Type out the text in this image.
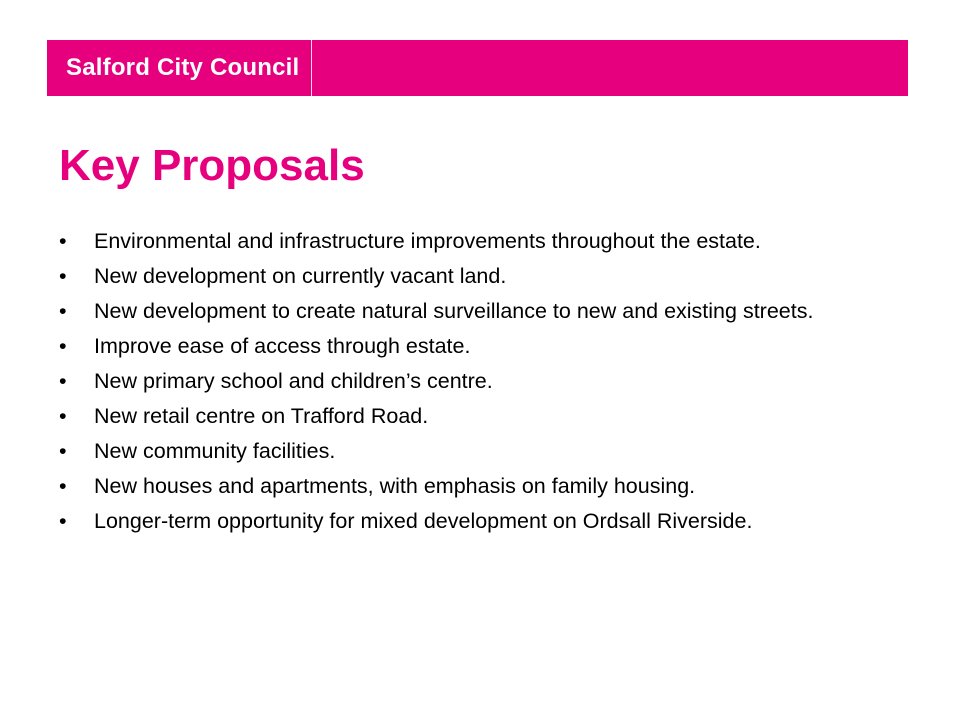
Salford City Council
Key Proposals
•	Environmental and infrastructure improvements throughout the estate.
•	New development on currently vacant land.
•	New development to create natural surveillance to new and existing streets.
•	Improve ease of access through estate.
•	New primary school and children’s centre.
•	New retail centre on Trafford Road.
•	New community facilities.
•	New houses and apartments, with emphasis on family housing.
•	Longer-term opportunity for mixed development on Ordsall Riverside.
